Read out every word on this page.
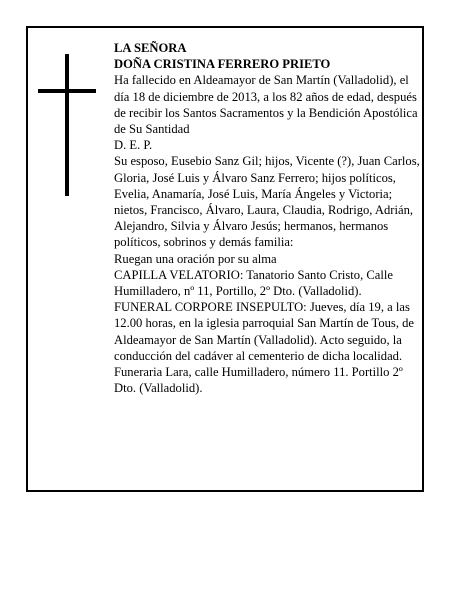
LA SEÑORA

DOÑA CRISTINA FERRERO PRIETO

Ha fallecido en Aldeamayor de San Martín (Valladolid), el día 18 de diciembre de 2013, a los 82 años de edad, después de recibir los Santos Sacramentos y la Bendición Apostólica de Su Santidad

D. E. P.

Su esposo, Eusebio Sanz Gil; hijos, Vicente (?), Juan Carlos, Gloria, José Luis y Álvaro Sanz Ferrero; hijos políticos, Evelia, Anamaría, José Luis, María Ángeles y Victoria; nietos, Francisco, Álvaro, Laura, Claudia, Rodrigo, Adrián, Alejandro, Silvia y Álvaro Jesús; hermanos, hermanos políticos, sobrinos y demás familia:

Ruegan una oración por su alma

CAPILLA VELATORIO: Tanatorio Santo Cristo, Calle Humilladero, nº 11, Portillo, 2º Dto. (Valladolid).

FUNERAL CORPORE INSEPULTO: Jueves, día 19, a las 12.00 horas, en la iglesia parroquial San Martín de Tous, de Aldeamayor de San Martín (Valladolid). Acto seguido, la conducción del cadáver al cementerio de dicha localidad.

Funeraria Lara, calle Humilladero, número 11. Portillo 2º Dto. (Valladolid).
